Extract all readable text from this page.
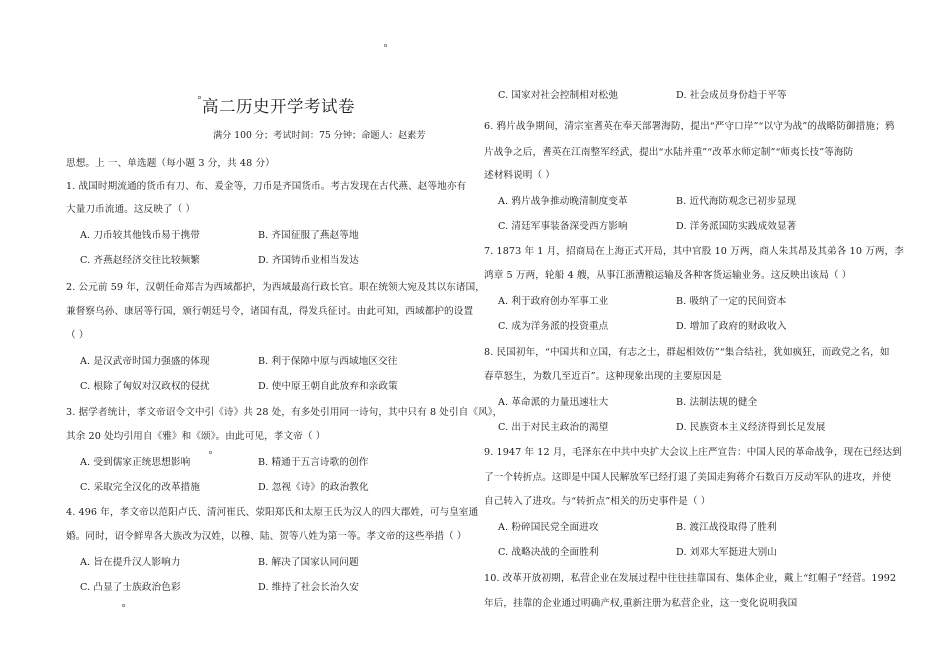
高二历史开学考试卷
满分 100 分；考试时间：75 分钟；命题人：赵素芳
思想。上 一、单选题（每小题 3 分，共 48 分）
1. 战国时期流通的货币有刀、布、爰金等，刀币是齐国货币。考古发现在古代燕、赵等地亦有
大量刀币流通。这反映了（ ）
A. 刀币较其他钱币易于携带	B. 齐国征服了燕赵等地
C. 齐燕赵经济交往比较频繁	D. 齐国铸币业相当发达
2. 公元前 59 年，汉朝任命郑吉为西域都护，为西域最高行政长官。职在统领大宛及其以东诸国，
兼督察乌孙、康居等行国，颁行朝廷号令，诸国有乱，得发兵征讨。由此可知，西域都护的设置
（ ）
A. 是汉武帝时国力强盛的体现	B. 利于保障中原与西域地区交往
C. 根除了匈奴对汉政权的侵扰	D. 使中原王朝自此放弃和亲政策
3. 据学者统计，孝文帝诏令文中引《诗》共 28 处，有多处引用同一诗句，其中只有 8 处引自《风》，
其余 20 处均引用自《雅》和《颂》。由此可见，孝文帝（ ）
A. 受到儒家正统思想影响	B. 精通于五言诗歌的创作
C. 采取完全汉化的改革措施	D. 忽视《诗》的政治教化
4. 496 年，孝文帝以范阳卢氏、清河崔氏、荥阳郑氏和太原王氏为汉人的四大郡姓，可与皇室通
婚。同时，诏令鲜卑各大族改为汉姓，以穆、陆、贺等八姓为第一等。孝文帝的这些举措（ ）
A. 旨在提升汉人影响力	B. 解决了国家认同问题
C. 凸显了士族政治色彩	D. 维持了社会长治久安
C. 国家对社会控制相对松弛	D. 社会成员身份趋于平等
6. 鸦片战争期间，清宗室耆英在奉天部署海防，提出“严守口岸”“以守为战”的战略防御措施；鸦
片战争之后，耆英在江南整军经武，提出“水陆并重”“改革水师定制”“师夷长技”等海防
述材料说明（ ）
A. 鸦片战争推动晚清制度变革	B. 近代海防观念已初步显现
C. 清廷军事装备深受西方影响	D. 洋务派国防实践成效显著
7. 1873 年 1 月，招商局在上海正式开局，其中官股 10 万两，商人朱其昂及其弟各 10 万两，李
鸿章 5 万两，轮船 4 艘，从事江浙漕粮运输及各种客货运输业务。这反映出该局（ ）
A. 利于政府创办军事工业	B. 吸纳了一定的民间资本
C. 成为洋务派的投资重点	D. 增加了政府的财政收入
8. 民国初年，“中国共和立国，有志之士，群起相效仿”“集合结社，犹如疯狂，而政党之名，如
春草怒生，为数几至近百”。这种现象出现的主要原因是
A. 革命派的力量迅速壮大	B. 法制法规的健全
C. 出于对民主政治的渴望	D. 民族资本主义经济得到长足发展
9. 1947 年 12 月，毛泽东在中共中央扩大会议上庄严宣告：中国人民的革命战争，现在已经达到
了一个转折点。这即是中国人民解放军已经打退了美国走狗蒋介石数百万反动军队的进攻，并使
自己转入了进攻。与“转折点”相关的历史事件是（ ）
A. 粉碎国民党全面进攻	B. 渡江战役取得了胜利
C. 战略决战的全面胜利	D. 刘邓大军挺进大别山
10. 改革开放初期，私营企业在发展过程中往往挂靠国有、集体企业，戴上“红帽子”经营。1992
年后，挂靠的企业通过明确产权,重新注册为私营企业，这一变化说明我国
